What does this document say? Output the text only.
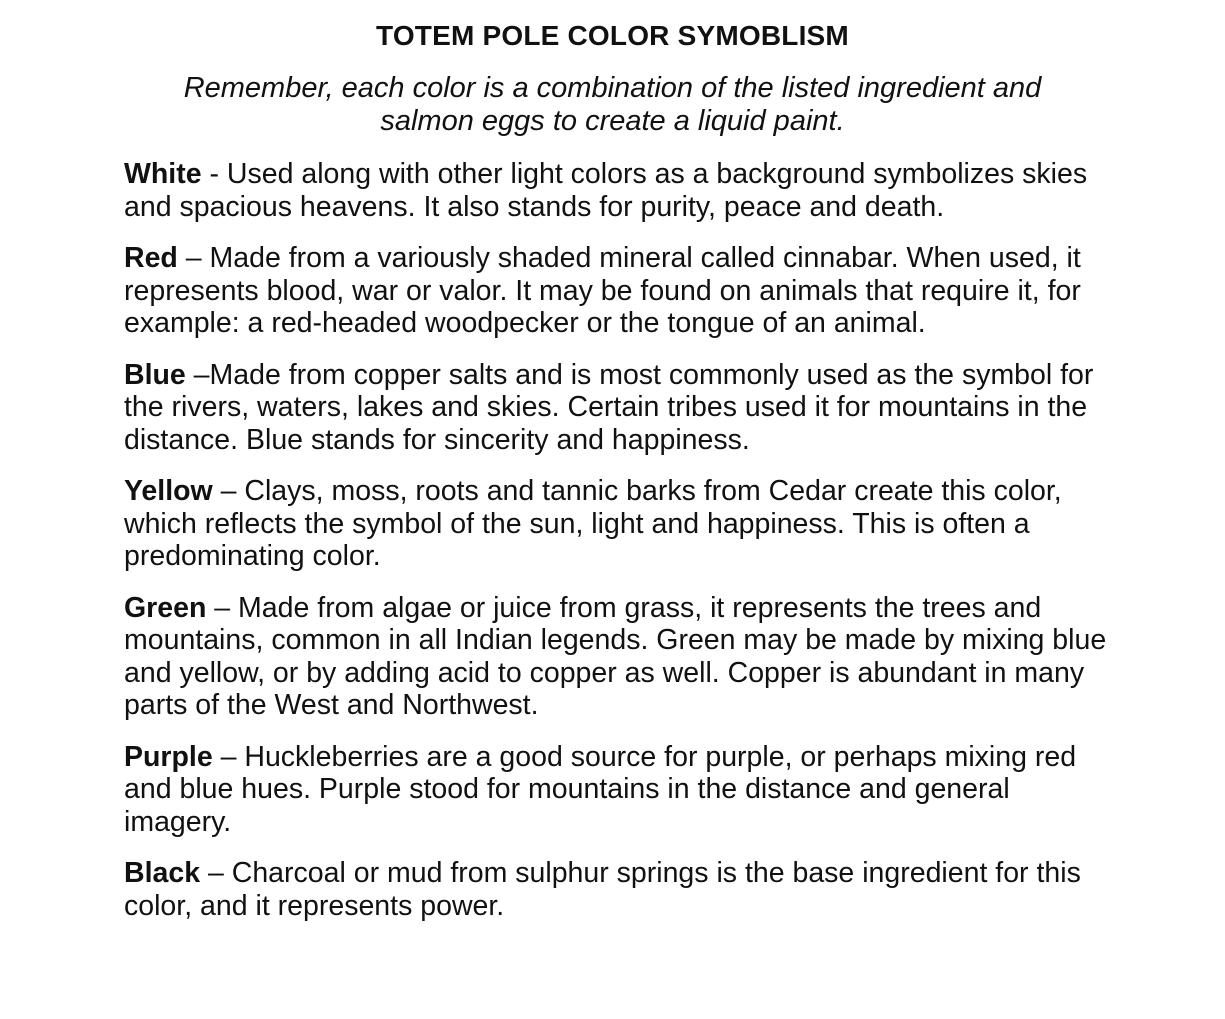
TOTEM POLE COLOR SYMOBLISM
Remember, each color is a combination of the listed ingredient and salmon eggs to create a liquid paint.

White - Used along with other light colors as a background symbolizes skies and spacious heavens. It also stands for purity, peace and death.

Red – Made from a variously shaded mineral called cinnabar. When used, it represents blood, war or valor. It may be found on animals that require it, for example: a red-headed woodpecker or the tongue of an animal.

Blue –Made from copper salts and is most commonly used as the symbol for the rivers, waters, lakes and skies. Certain tribes used it for mountains in the distance. Blue stands for sincerity and happiness.

Yellow – Clays, moss, roots and tannic barks from Cedar create this color, which reflects the symbol of the sun, light and happiness. This is often a predominating color.

Green – Made from algae or juice from grass, it represents the trees and mountains, common in all Indian legends. Green may be made by mixing blue and yellow, or by adding acid to copper as well. Copper is abundant in many parts of the West and Northwest.

Purple – Huckleberries are a good source for purple, or perhaps mixing red and blue hues. Purple stood for mountains in the distance and general imagery.

Black – Charcoal or mud from sulphur springs is the base ingredient for this color, and it represents power.
